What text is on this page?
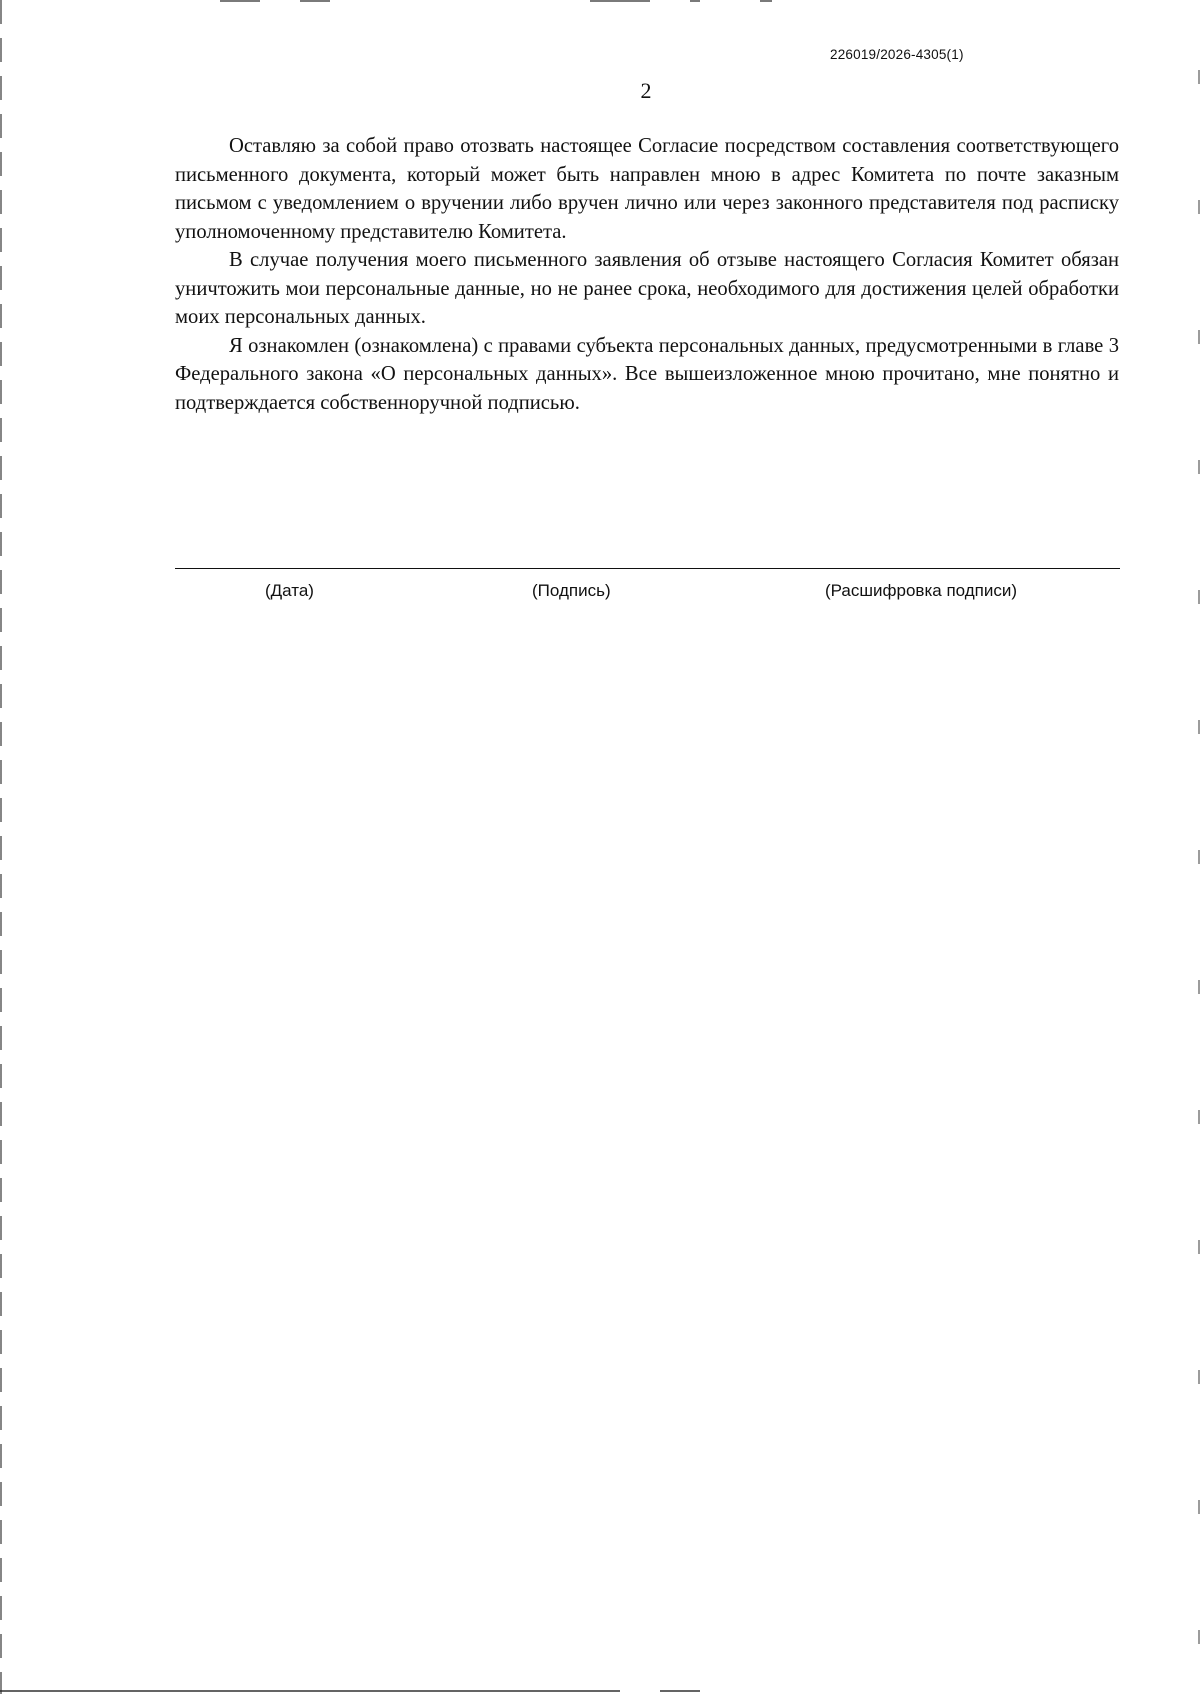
226019/2026-4305(1)
2

Оставляю за собой право отозвать настоящее Согласие посредством составления соответствующего письменного документа, который может быть направлен мною в адрес Комитета по почте заказным письмом с уведомлением о вручении либо вручен лично или через законного представителя под расписку уполномоченному представителю Комитета.

В случае получения моего письменного заявления об отзыве настоящего Согласия Комитет обязан уничтожить мои персональные данные, но не ранее срока, необходимого для достижения целей обработки моих персональных данных.

Я ознакомлен (ознакомлена) с правами субъекта персональных данных, предусмотренными в главе 3 Федерального закона «О персональных данных». Все вышеизложенное мною прочитано, мне понятно и подтверждается собственноручной подписью.

(Дата)	(Подпись)	(Расшифровка подписи)
